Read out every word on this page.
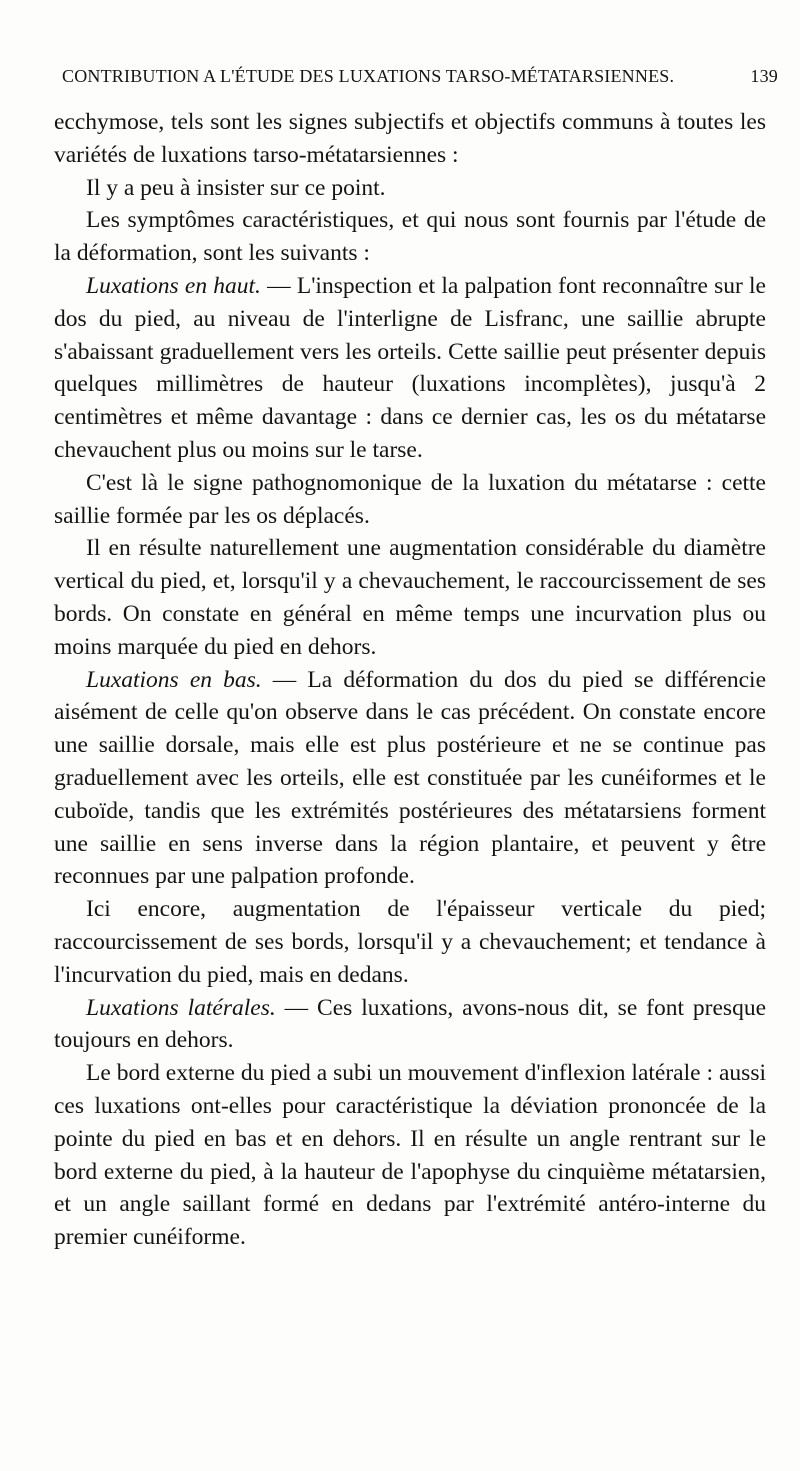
CONTRIBUTION A L'ÉTUDE DES LUXATIONS TARSO-MÉTATARSIENNES.	139

ecchymose, tels sont les signes subjectifs et objectifs communs à toutes les variétés de luxations tarso-métatarsiennes :

Il y a peu à insister sur ce point.

Les symptômes caractéristiques, et qui nous sont fournis par l'étude de la déformation, sont les suivants :

Luxations en haut. — L'inspection et la palpation font reconnaître sur le dos du pied, au niveau de l'interligne de Lisfranc, une saillie abrupte s'abaissant graduellement vers les orteils. Cette saillie peut présenter depuis quelques millimètres de hauteur (luxations incomplètes), jusqu'à 2 centimètres et même davantage : dans ce dernier cas, les os du métatarse chevauchent plus ou moins sur le tarse.

C'est là le signe pathognomonique de la luxation du métatarse : cette saillie formée par les os déplacés.

Il en résulte naturellement une augmentation considérable du diamètre vertical du pied, et, lorsqu'il y a chevauchement, le raccourcissement de ses bords. On constate en général en même temps une incurvation plus ou moins marquée du pied en dehors.

Luxations en bas. — La déformation du dos du pied se différencie aisément de celle qu'on observe dans le cas précédent. On constate encore une saillie dorsale, mais elle est plus postérieure et ne se continue pas graduellement avec les orteils, elle est constituée par les cunéiformes et le cuboïde, tandis que les extrémités postérieures des métatarsiens forment une saillie en sens inverse dans la région plantaire, et peuvent y être reconnues par une palpation profonde.

Ici encore, augmentation de l'épaisseur verticale du pied; raccourcissement de ses bords, lorsqu'il y a chevauchement; et tendance à l'incurvation du pied, mais en dedans.

Luxations latérales. — Ces luxations, avons-nous dit, se font presque toujours en dehors.

Le bord externe du pied a subi un mouvement d'inflexion latérale : aussi ces luxations ont-elles pour caractéristique la déviation prononcée de la pointe du pied en bas et en dehors. Il en résulte un angle rentrant sur le bord externe du pied, à la hauteur de l'apophyse du cinquième métatarsien, et un angle saillant formé en dedans par l'extrémité antéro-interne du premier cunéiforme.
